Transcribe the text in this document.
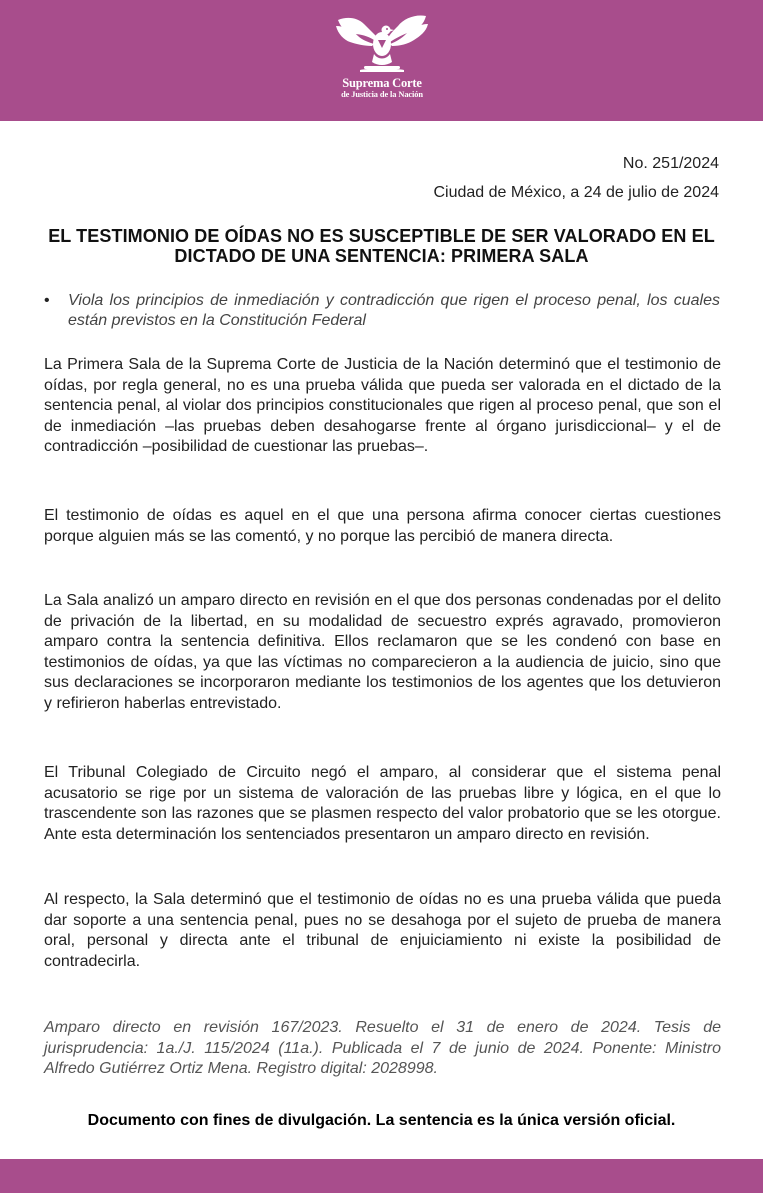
Suprema Corte
de Justicia de la Nación
No. 251/2024
Ciudad de México, a 24 de julio de 2024
EL TESTIMONIO DE OÍDAS NO ES SUSCEPTIBLE DE SER VALORADO EN EL DICTADO DE UNA SENTENCIA: PRIMERA SALA
• Viola los principios de inmediación y contradicción que rigen el proceso penal, los cuales están previstos en la Constitución Federal
La Primera Sala de la Suprema Corte de Justicia de la Nación determinó que el testimonio de oídas, por regla general, no es una prueba válida que pueda ser valorada en el dictado de la sentencia penal, al violar dos principios constitucionales que rigen al proceso penal, que son el de inmediación –las pruebas deben desahogarse frente al órgano jurisdiccional– y el de contradicción –posibilidad de cuestionar las pruebas–.
El testimonio de oídas es aquel en el que una persona afirma conocer ciertas cuestiones porque alguien más se las comentó, y no porque las percibió de manera directa.
La Sala analizó un amparo directo en revisión en el que dos personas condenadas por el delito de privación de la libertad, en su modalidad de secuestro exprés agravado, promovieron amparo contra la sentencia definitiva. Ellos reclamaron que se les condenó con base en testimonios de oídas, ya que las víctimas no comparecieron a la audiencia de juicio, sino que sus declaraciones se incorporaron mediante los testimonios de los agentes que los detuvieron y refirieron haberlas entrevistado.
El Tribunal Colegiado de Circuito negó el amparo, al considerar que el sistema penal acusatorio se rige por un sistema de valoración de las pruebas libre y lógica, en el que lo trascendente son las razones que se plasmen respecto del valor probatorio que se les otorgue. Ante esta determinación los sentenciados presentaron un amparo directo en revisión.
Al respecto, la Sala determinó que el testimonio de oídas no es una prueba válida que pueda dar soporte a una sentencia penal, pues no se desahoga por el sujeto de prueba de manera oral, personal y directa ante el tribunal de enjuiciamiento ni existe la posibilidad de contradecirla.
Amparo directo en revisión 167/2023. Resuelto el 31 de enero de 2024. Tesis de jurisprudencia: 1a./J. 115/2024 (11a.). Publicada el 7 de junio de 2024. Ponente: Ministro Alfredo Gutiérrez Ortiz Mena. Registro digital: 2028998.
Documento con fines de divulgación. La sentencia es la única versión oficial.
